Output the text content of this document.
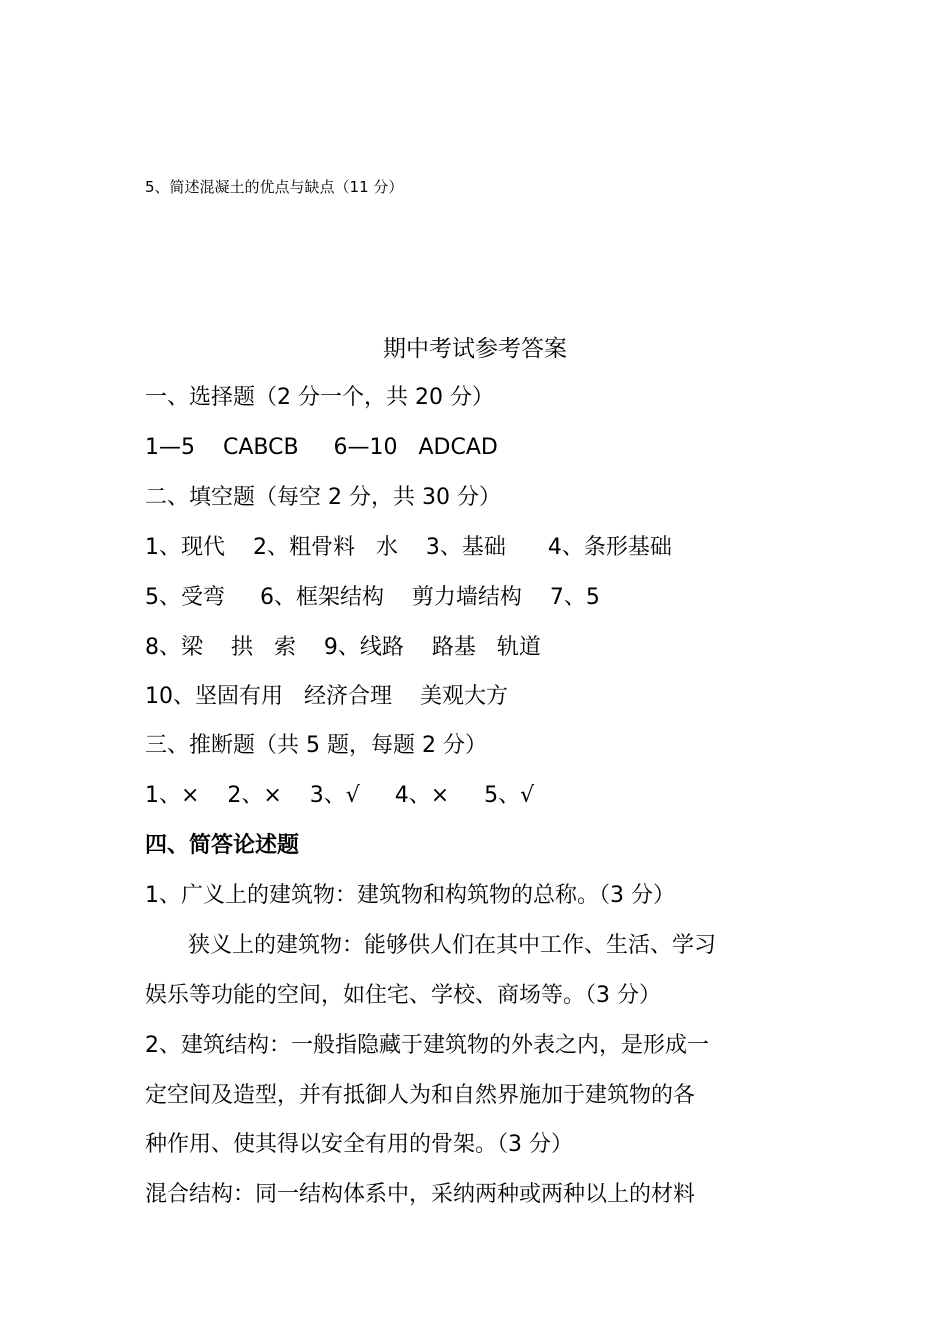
5、简述混凝土的优点与缺点（11 分）
期中考试参考答案
一、选择题（2 分一个，共 20 分）
1—5    CABCB     6—10   ADCAD
二、填空题（每空 2 分，共 30 分）
1、现代    2、粗骨料   水    3、基础      4、条形基础
5、受弯     6、框架结构    剪力墙结构    7、5
8、梁    拱   索    9、线路    路基   轨道
10、坚固有用   经济合理    美观大方
三、推断题（共 5 题，每题 2 分）
1、×    2、×    3、√     4、×     5、√
四、简答论述题
1、广义上的建筑物：建筑物和构筑物的总称。（3 分）
狭义上的建筑物：能够供人们在其中工作、生活、学习
娱乐等功能的空间，如住宅、学校、商场等。（3 分）
2、建筑结构：一般指隐藏于建筑物的外表之内，是形成一
定空间及造型，并有抵御人为和自然界施加于建筑物的各
种作用、使其得以安全有用的骨架。（3 分）
混合结构：同一结构体系中，采纳两种或两种以上的材料
